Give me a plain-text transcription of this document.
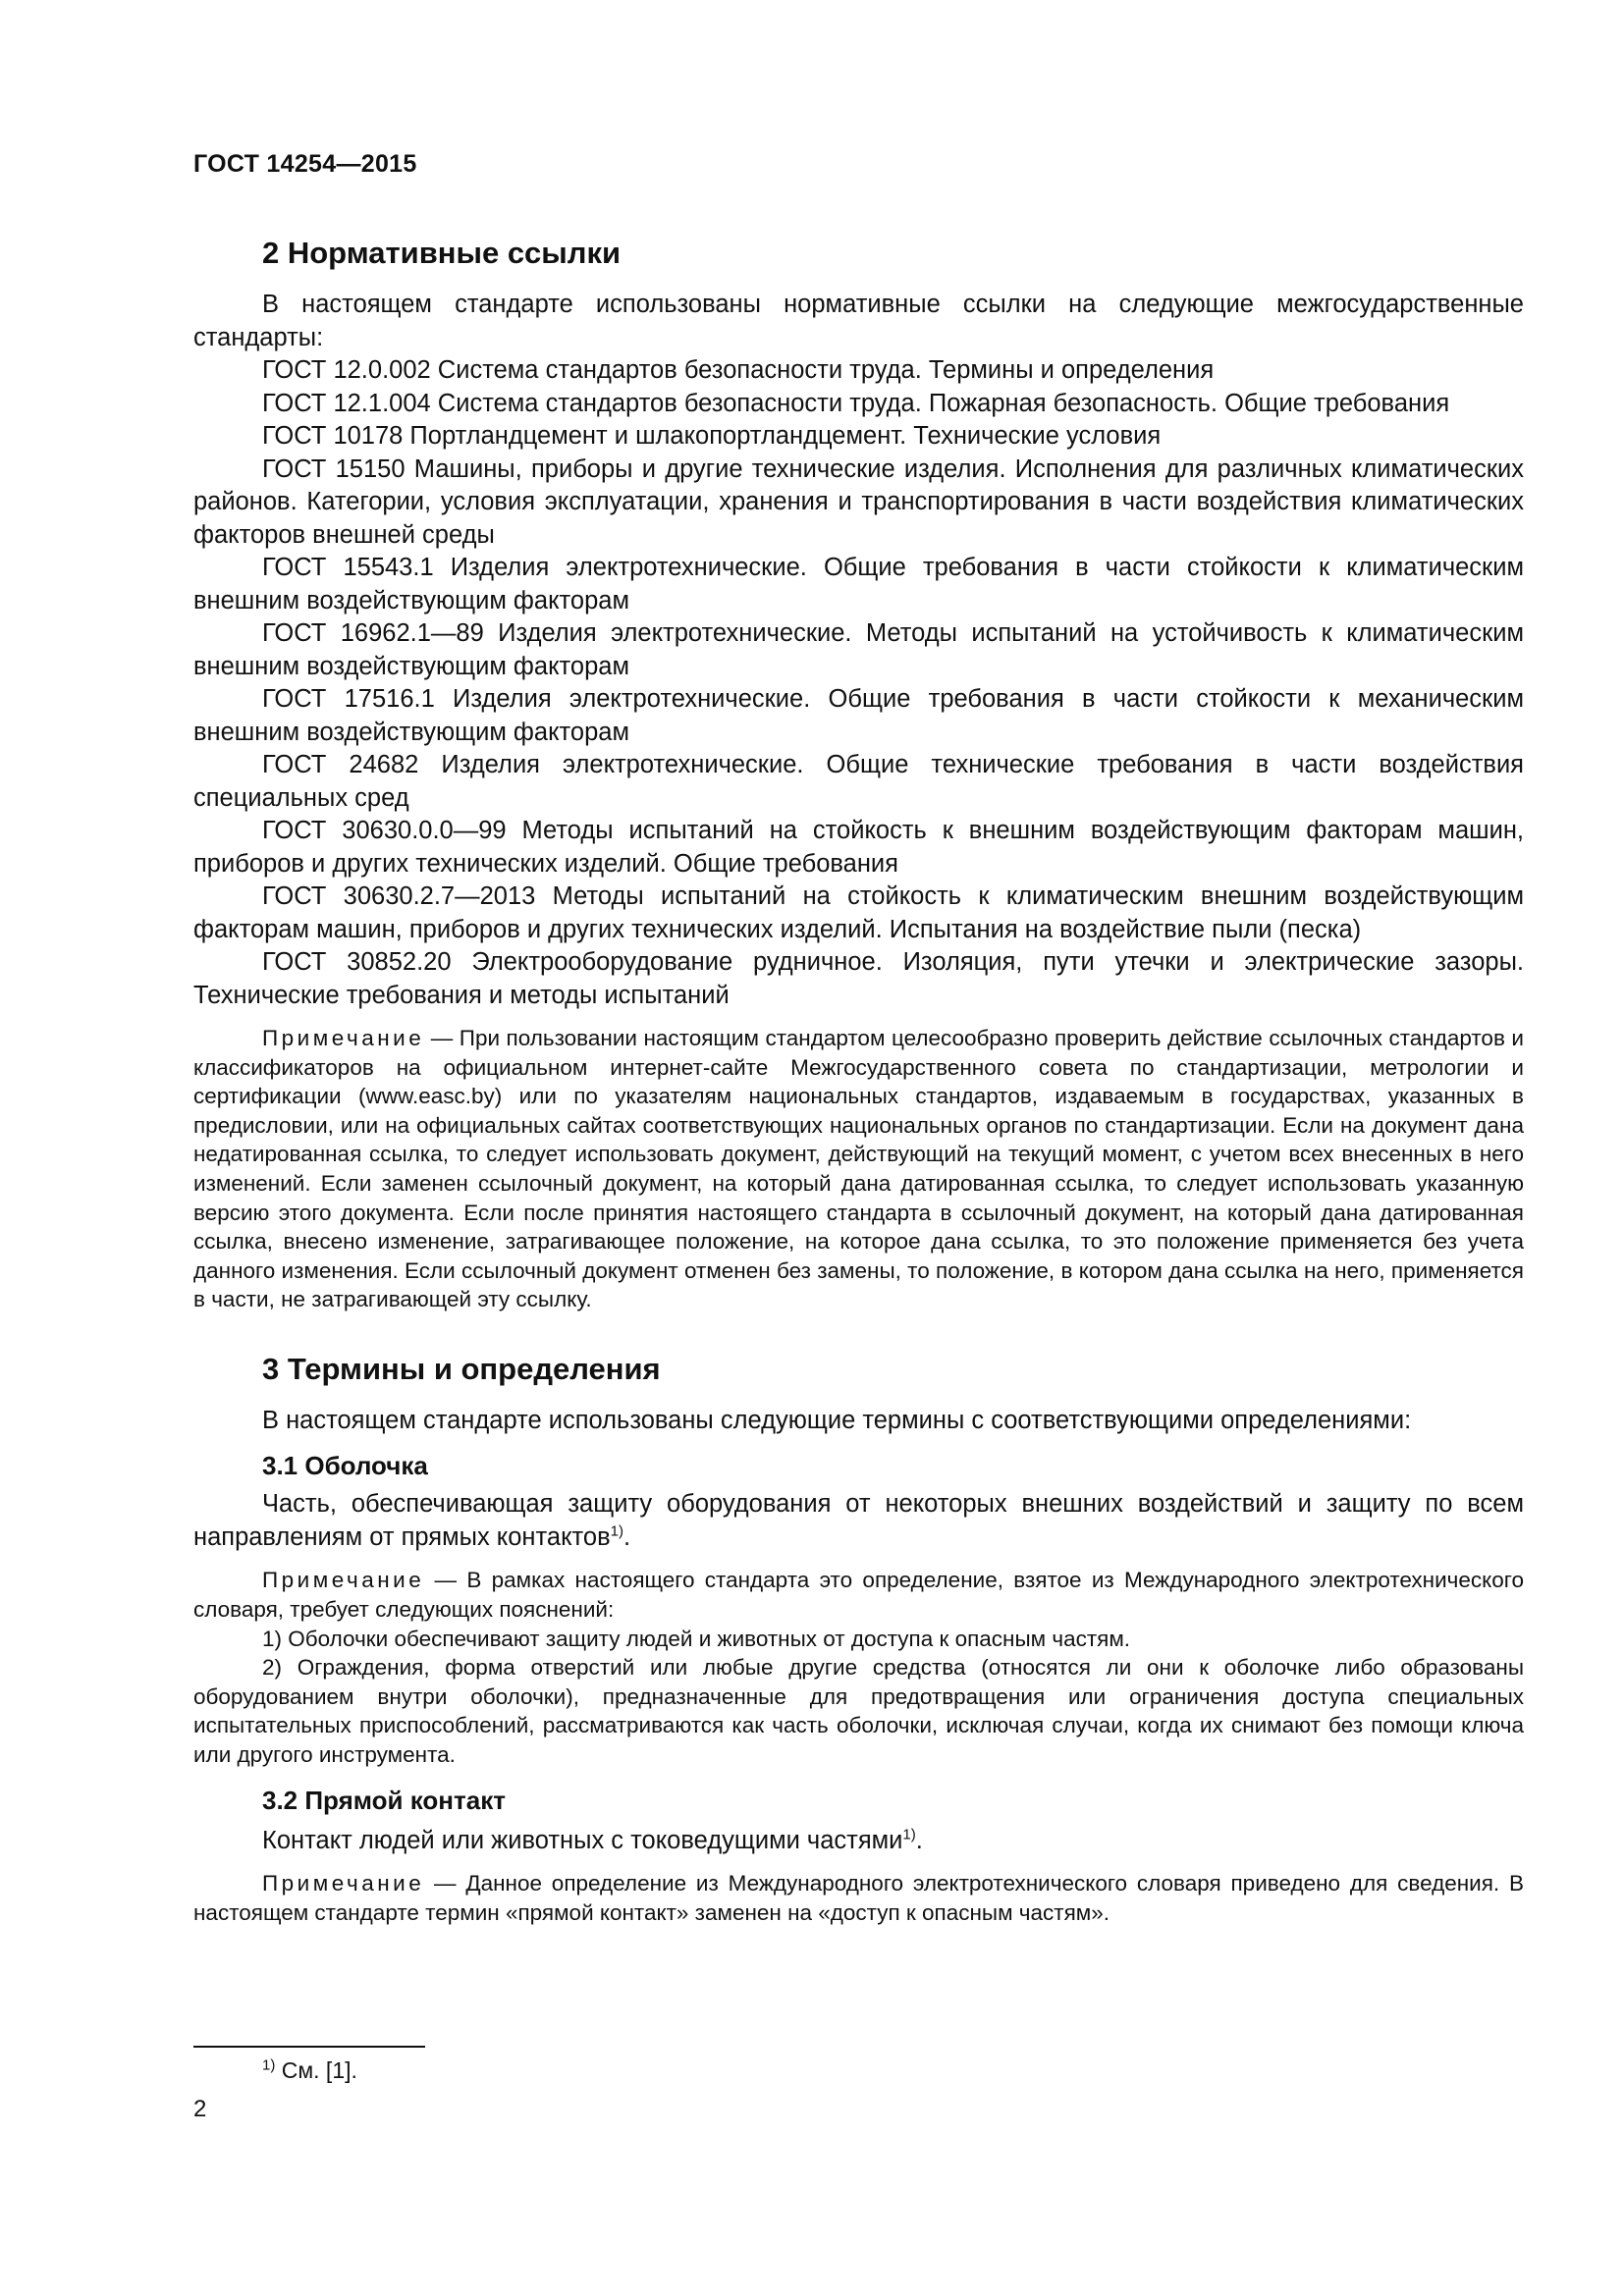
ГОСТ 14254—2015
2 Нормативные ссылки

В настоящем стандарте использованы нормативные ссылки на следующие межгосударственные стандарты:

ГОСТ 12.0.002 Система стандартов безопасности труда. Термины и определения

ГОСТ 12.1.004 Система стандартов безопасности труда. Пожарная безопасность. Общие требования

ГОСТ 10178 Портландцемент и шлакопортландцемент. Технические условия

ГОСТ 15150 Машины, приборы и другие технические изделия. Исполнения для различных климатических районов. Категории, условия эксплуатации, хранения и транспортирования в части воздействия климатических факторов внешней среды

ГОСТ 15543.1 Изделия электротехнические. Общие требования в части стойкости к климатическим внешним воздействующим факторам

ГОСТ 16962.1—89 Изделия электротехнические. Методы испытаний на устойчивость к климатическим внешним воздействующим факторам

ГОСТ 17516.1 Изделия электротехнические. Общие требования в части стойкости к механическим внешним воздействующим факторам

ГОСТ 24682 Изделия электротехнические. Общие технические требования в части воздействия специальных сред

ГОСТ 30630.0.0—99 Методы испытаний на стойкость к внешним воздействующим факторам машин, приборов и других технических изделий. Общие требования

ГОСТ 30630.2.7—2013 Методы испытаний на стойкость к климатическим внешним воздействующим факторам машин, приборов и других технических изделий. Испытания на воздействие пыли (песка)

ГОСТ 30852.20 Электрооборудование рудничное. Изоляция, пути утечки и электрические зазоры. Технические требования и методы испытаний

Примечание — При пользовании настоящим стандартом целесообразно проверить действие ссылочных стандартов и классификаторов на официальном интернет-сайте Межгосударственного совета по стандартизации, метрологии и сертификации (www.easc.by) или по указателям национальных стандартов, издаваемым в государствах, указанных в предисловии, или на официальных сайтах соответствующих национальных органов по стандартизации. Если на документ дана недатированная ссылка, то следует использовать документ, действующий на текущий момент, с учетом всех внесенных в него изменений. Если заменен ссылочный документ, на который дана датированная ссылка, то следует использовать указанную версию этого документа. Если после принятия настоящего стандарта в ссылочный документ, на который дана датированная ссылка, внесено изменение, затрагивающее положение, на которое дана ссылка, то это положение применяется без учета данного изменения. Если ссылочный документ отменен без замены, то положение, в котором дана ссылка на него, применяется в части, не затрагивающей эту ссылку.

3 Термины и определения

В настоящем стандарте использованы следующие термины с соответствующими определениями:

3.1 Оболочка

Часть, обеспечивающая защиту оборудования от некоторых внешних воздействий и защиту по всем направлениям от прямых контактов$^{1)}$.

Примечание — В рамках настоящего стандарта это определение, взятое из Международного электротехнического словаря, требует следующих пояснений:

1) Оболочки обеспечивают защиту людей и животных от доступа к опасным частям.

2) Ограждения, форма отверстий или любые другие средства (относятся ли они к оболочке либо образованы оборудованием внутри оболочки), предназначенные для предотвращения или ограничения доступа специальных испытательных приспособлений, рассматриваются как часть оболочки, исключая случаи, когда их снимают без помощи ключа или другого инструмента.

3.2 Прямой контакт

Контакт людей или животных с токоведущими частями$^{1)}$.

Примечание — Данное определение из Международного электротехнического словаря приведено для сведения. В настоящем стандарте термин «прямой контакт» заменен на «доступ к опасным частям».

$^{1)}$ См. [1].
2
